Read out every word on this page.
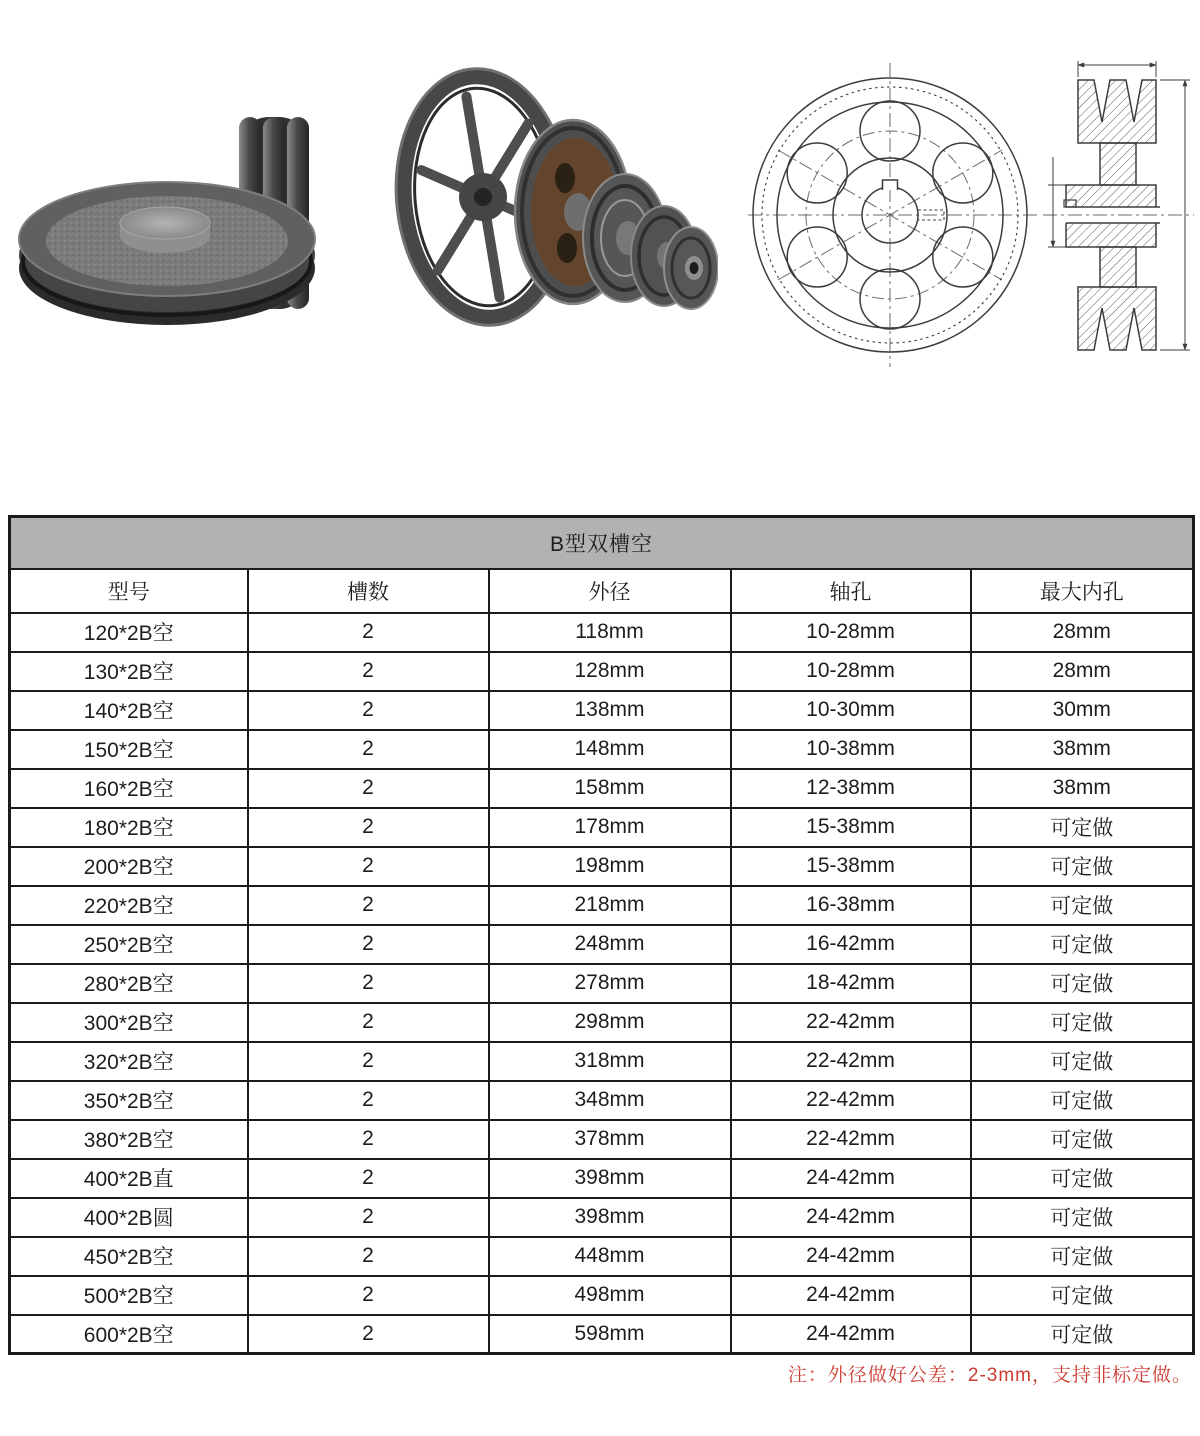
B型双槽空				
型号	槽数	外径	轴孔	最大内孔
120*2B空	2	118mm	10-28mm	28mm
130*2B空	2	128mm	10-28mm	28mm
140*2B空	2	138mm	10-30mm	30mm
150*2B空	2	148mm	10-38mm	38mm
160*2B空	2	158mm	12-38mm	38mm
180*2B空	2	178mm	15-38mm	可定做
200*2B空	2	198mm	15-38mm	可定做
220*2B空	2	218mm	16-38mm	可定做
250*2B空	2	248mm	16-42mm	可定做
280*2B空	2	278mm	18-42mm	可定做
300*2B空	2	298mm	22-42mm	可定做
320*2B空	2	318mm	22-42mm	可定做
350*2B空	2	348mm	22-42mm	可定做
380*2B空	2	378mm	22-42mm	可定做
400*2B直	2	398mm	24-42mm	可定做
400*2B圆	2	398mm	24-42mm	可定做
450*2B空	2	448mm	24-42mm	可定做
500*2B空	2	498mm	24-42mm	可定做
600*2B空	2	598mm	24-42mm	可定做
注：外径做好公差：2-3mm，支持非标定做。
